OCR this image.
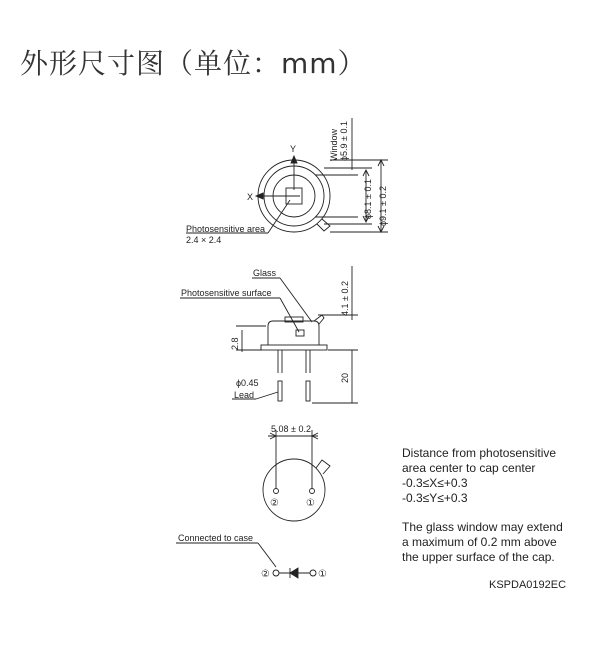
外形尺寸图（单位：mm）
Window ϕ5.9 ± 0.1
Y
X	ϕ8.1 ± 0.1 ϕ9.1 ± 0.2
Photosensitive area
2.4 × 2.4
Glass
Photosensitive surface	4.1 ± 0.2
2.8
20
ϕ0.45
Lead
5.08 ± 0.2
②	①
Connected to case
②	①
Distance from photosensitive
area center to cap center
-0.3≤X≤+0.3
-0.3≤Y≤+0.3
The glass window may extend
a maximum of 0.2 mm above
the upper surface of the cap.
KSPDA0192EC
